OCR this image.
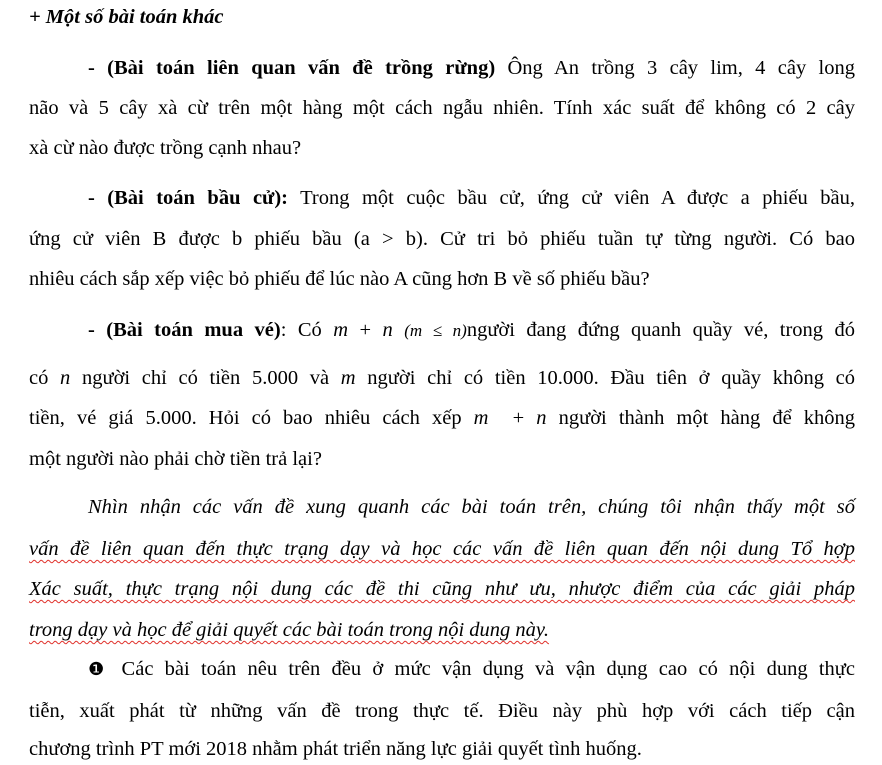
+ Một số bài toán khác
- (Bài toán liên quan vấn đề trồng rừng) Ông An trồng 3 cây lim, 4 cây long
não và 5 cây xà cừ trên một hàng một cách ngẫu nhiên. Tính xác suất để không có 2 cây
xà cừ nào được trồng cạnh nhau?
- (Bài toán bầu cử): Trong một cuộc bầu cử, ứng cử viên A được a phiếu bầu,
ứng cử viên B được b phiếu bầu (a > b). Cử tri bỏ phiếu tuần tự từng người. Có bao
nhiêu cách sắp xếp việc bỏ phiếu để lúc nào A cũng hơn B về số phiếu bầu?
- (Bài toán mua vé): Có m + n (m ≤ n)người đang đứng quanh quầy vé, trong đó
có n người chỉ có tiền 5.000 và m người chỉ có tiền 10.000. Đầu tiên ở quầy không có
tiền, vé giá 5.000. Hỏi có bao nhiêu cách xếp m  + n người thành một hàng để không
một người nào phải chờ tiền trả lại?
Nhìn nhận các vấn đề xung quanh các bài toán trên, chúng tôi nhận thấy một số
vấn đề liên quan đến thực trạng dạy và học các vấn đề liên quan đến nội dung Tổ hợp
Xác suất, thực trạng nội dung các đề thi cũng như ưu, nhược điểm của các giải pháp
trong dạy và học để giải quyết các bài toán trong nội dung này.
❶ Các bài toán nêu trên đều ở mức vận dụng và vận dụng cao có nội dung thực
tiễn, xuất phát từ những vấn đề trong thực tế. Điều này phù hợp với cách tiếp cận
chương trình PT mới 2018 nhằm phát triển năng lực giải quyết tình huống.
